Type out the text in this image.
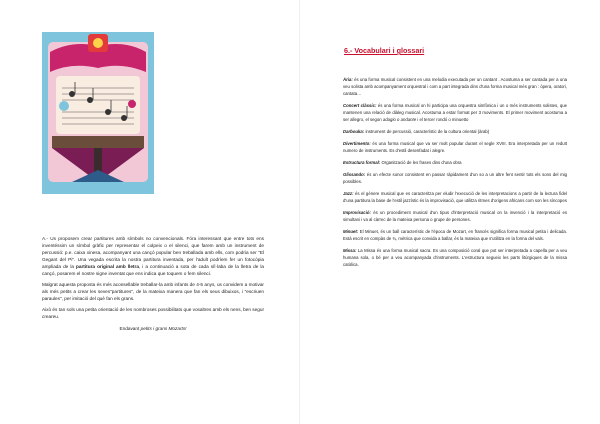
A.- Us proposem crear partitures amb símbols no convencionals. Fóra interessant que entre tots ens inventéssim un símbol gràfic per representar el colpeix o el silenci, que farem amb un instrument de percussió: p.e. caixa xinesa, acompanyant una cançó popular ben treballada amb ells, com podria ser "El Gegant del Pi". Una vegada escrita la nostra partitura inventada, per l'adult podríem fer un fotocòpia ampliada de la partitura original amb lletra, i a continuació a sota de cada síl·laba de la lletra de la cançó, posarem el nostre signe inventat que ens indica que toquem o fem silenci.

Malgrat aquesta proposta és més aconsellable treballar-la amb infants de 4-5 anys, us convidem a motivar als més petits a crear les seves"partitures", de la mateixa manera que fan els seus dibuixos, i "escriuen paraules", per imitació del què fan els grans.

Això és tan sols una petita orientació de les nombroses possibilitats que vosaltres amb els nens, ben segur creareu.

Endavant petits i grans Mozarts!

6.- Vocabulari i glossari

Ària: és una forma musical consistent en una melodia executada per un cantant . Acostuma a ser cantada per a una veu solista amb acompanyament orquestral i com a part integrada dins d'una forma musical més gran : òpera, oratori, cantata…

Concert clàssic: és una forma musical on hi participa una orquestra simfònica i un o més instruments solistes, que mantenen una relació de diàleg musical. Acostuma a estar format per 3 moviments. El primer moviment acostuma a ser allegro, el segon adagio o andante i el tercer rondó o minuetto

Darbouka: instrument de percussió, característic de la cultura oriental (àrab)

Divertimento: és una forma musical que va ser molt popular durant el segle XVIII. Era interpretada per un reduït numero de instruments. Es d'estil desenfadat i alegre.

Estructura formal: Organització de les frases dins d'una obra

Glissando: és un efecte sonor consistent en passar ràpidament d'un so a un altre fent sentir tots els sons del mig possibles.

Jazz: és el gènere musical que es caracteritza per eludir l'execució de les interpretacions a partir de la lectura fidel d'una partitura la base de l'estil jazzístic és la improvisació, que utilitza ritmes d'origens africans com son les síncopes

Improvisació: és un procediment musical d'un tipus d'interpretació musical on la invenció i la interpretació es simultani i va al càrrec de la mateixa persona o grupe de persones.

Minuet: El Minuet, és un ball característic de l'època de Mozart, en francès significa forma musical petita i delicada. Està escrit en compàs de ¾, mètrica que convida a ballar, és la mateixa que s'utilitza en la forma del vals.

Missa: La Missa és una forma musical sacra. Es una composició coral que pot ser interpretada a capella per a veu humana sola, o bé per a veu acompanyada d'instruments. L'estructura segueix les parts litúrgiques de la missa catòlica.
